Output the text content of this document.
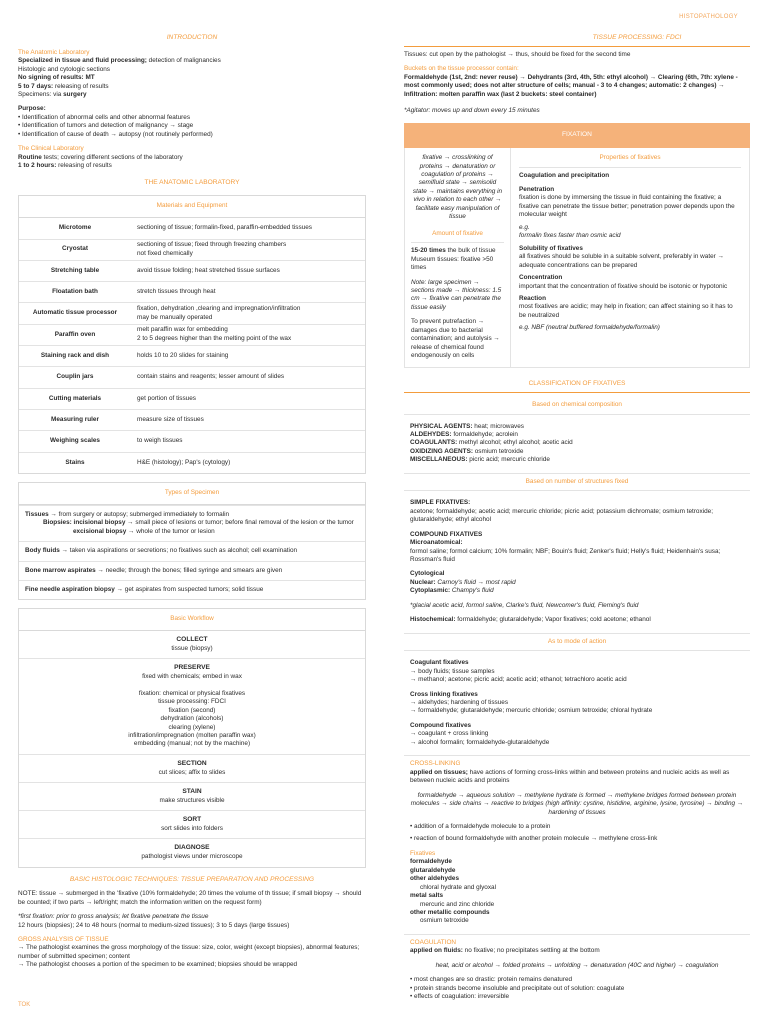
HISTOPATHOLOGY
INTRODUCTION
The Anatomic Laboratory
Specialized in tissue and fluid processing; detection of malignancies
Histologic and cytologic sections
No signing of results: MT
5 to 7 days: releasing of results
Specimens: via surgery
Purpose:
• Identification of abnormal cells and other abnormal features
• Identification of tumors and detection of malignancy → stage
• Identification of cause of death → autopsy (not routinely performed)
The Clinical Laboratory
Routine tests; covering different sections of the laboratory
1 to 2 hours: releasing of results
THE ANATOMIC LABORATORY
Materials and Equipment
Microtome	sectioning of tissue; formalin-fixed, paraffin-embedded tissues
Cryostat	sectioning of tissue; fixed through freezing chambers
not fixed chemically
Stretching table	avoid tissue folding; heat stretched tissue surfaces
Floatation bath	stretch tissues through heat
Automatic tissue processor	fixation, dehydration ,clearing and impregnation/infiltration
may be manually operated
Paraffin oven	melt paraffin wax for embedding
2 to 5 degrees higher than the melting point of the wax
Staining rack and dish	holds 10 to 20 slides for staining
Couplin jars	contain stains and reagents; lesser amount of slides
Cutting materials	get portion of tissues
Measuring ruler	measure size of tissues
Weighing scales	to weigh tissues
Stains	H&E (histology); Pap's (cytology)
Types of Specimen
Tissues → from surgery or autopsy; submerged immediately to formalin
Biopsies: incisional biopsy → small piece of lesions or tumor; before final removal of the lesion or the tumor
excisional biopsy → whole of the tumor or lesion
Body fluids → taken via aspirations or secretions; no fixatives such as alcohol; cell examination
Bone marrow aspirates → needle; through the bones; filled syringe and smears are given
Fine needle aspiration biopsy → get aspirates from suspected tumors; solid tissue
Basic Workflow
COLLECT
tissue (biopsy)
PRESERVE
fixed with chemicals; embed in wax

fixation: chemical or physical fixatives
tissue processing: FDCI
fixation (second)
dehydration (alcohols)
clearing (xylene)
infiltration/impregnation (molten paraffin wax)
embedding (manual; not by the machine)
SECTION
cut slices; affix to slides
STAIN
make structures visible
SORT
sort slides into folders
DIAGNOSE
pathologist views under microscope
BASIC HISTOLOGIC TECHNIQUES: TISSUE PREPARATION AND PROCESSING
NOTE: tissue → submerged in the 'fixative (10% formaldehyde; 20 times the volume of th tissue; if small biopsy → should be counted; if two parts → left/right; match the information written on the request form)
*first fixation: prior to gross analysis; let fixative penetrate the tissue
12 hours (biopsies); 24 to 48 hours (normal to medium-sized tissues); 3 to 5 days (large tissues)
GROSS ANALYSIS OF TISSUE
→ The pathologist examines the gross morphology of the tissue: size, color, weight (except biopsies), abnormal features; number of submitted specimen; content
→ The pathologist chooses a portion of the specimen to be examined; biopsies should be wrapped
TISSUE PROCESSING: FDCI
Tissues: cut open by the pathologist → thus, should be fixed for the second time
Buckets on the tissue processor contain:
Formaldehyde (1st, 2nd: never reuse) → Dehydrants (3rd, 4th, 5th: ethyl alcohol) → Clearing (6th, 7th: xylene - most commonly used; does not alter structure of cells; manual - 3 to 4 changes; automatic: 2 changes) → Infiltration: molten paraffin wax (last 2 buckets: steel container)
*Agitator: moves up and down every 15 minutes
FIXATION
fixative → crosslinking of proteins → denaturation or coagulation of proteins → semifluid state → semisolid state → maintains everything in vivo in relation to each other → facilitate easy manipulation of tissue
Amount of fixative
15-20 times the bulk of tissue
Museum tissues: fixative >50 times
Note: large specimen → sections made → thickness: 1.5 cm → fixative can penetrate the tissue easily
To prevent putrefaction → damages due to bacterial contamination; and autolysis → release of chemical found endogenously on cells
Properties of fixatives
Coagulation and precipitation
Penetration
fixation is done by immersing the tissue in fluid containing the fixative; a fixative can penetrate the tissue better; penetration power depends upon the molecular weight
e.g.
formalin fixes faster than osmic acid
Solubility of fixatives
all fixatives should be soluble in a suitable solvent, preferably in water → adequate concentrations can be prepared
Concentration
important that the concentration of fixative should be isotonic or hypotonic
Reaction
most fixatives are acidic; may help in fixation; can affect staining so it has to be neutralized
e.g. NBF (neutral buffered formaldehyde/formalin)
CLASSIFICATION OF FIXATIVES
Based on chemical composition
PHYSICAL AGENTS: heat; microwaves
ALDEHYDES: formaldehyde; acrolein
COAGULANTS: methyl alcohol; ethyl alcohol; acetic acid
OXIDIZING AGENTS: osmium tetroxide
MISCELLANEOUS: picric acid; mercuric chloride
Based on number of structures fixed
SIMPLE FIXATIVES:
acetone; formaldehyde; acetic acid; mercuric chloride; picric acid; potassium dichromate; osmium tetroxide; glutaraldehyde; ethyl alcohol
COMPOUND FIXATIVES
Microanatomical:
formol saline; formol calcium; 10% formalin; NBF; Bouin's fluid; Zenker's fluid; Helly's fluid; Heidenhain's susa; Rossman's fluid
Cytological
Nuclear: Carnoy's fluid → most rapid
Cytoplasmic: Champy's fluid
*glacial acetic acid, formol saline, Clarke's fluid, Newcomer's fluid, Fleming's fluid
Histochemical: formaldehyde; glutaraldehyde; Vapor fixatives; cold acetone; ethanol
As to mode of action
Coagulant fixatives
→ body fluids; tissue samples
→ methanol; acetone; picric acid; acetic acid; ethanol; tetrachloro acetic acid
Cross linking fixatives
→ aldehydes; hardening of tissues
→ formaldehyde; glutaraldehyde; mercuric chloride; osmium tetroxide; chloral hydrate
Compound fixatives
→ coagulant + cross linking
→ alcohol formalin; formaldehyde-glutaraldehyde
CROSS-LINKING
applied on tissues; have actions of forming cross-links within and between proteins and nucleic acids as well as between nucleic acids and proteins
formaldehyde → aqueous solution → methylene hydrate is formed → methylene bridges formed between protein molecules → side chains → reactive to bridges (high affinity: cystine, histidine, arginine, lysine, tyrosine) → binding → hardening of tissues
• addition of a formaldehyde molecule to a protein
• reaction of bound formaldehyde with another protein molecule → methylene cross-link
Fixatives
formaldehyde
glutaraldehyde
other aldehydes
chloral hydrate and glyoxal
metal salts
mercuric and zinc chloride
other metallic compounds
osmium tetroxide
COAGULATION
applied on fluids: no fixative; no precipitates settling at the bottom
heat, acid or alcohol → folded proteins → unfolding → denaturation (40C and higher) → coagulation
• most changes are so drastic: protein remains denatured
• protein strands become insoluble and precipitate out of solution: coagulate
• effects of coagulation: irreversible
TOK
